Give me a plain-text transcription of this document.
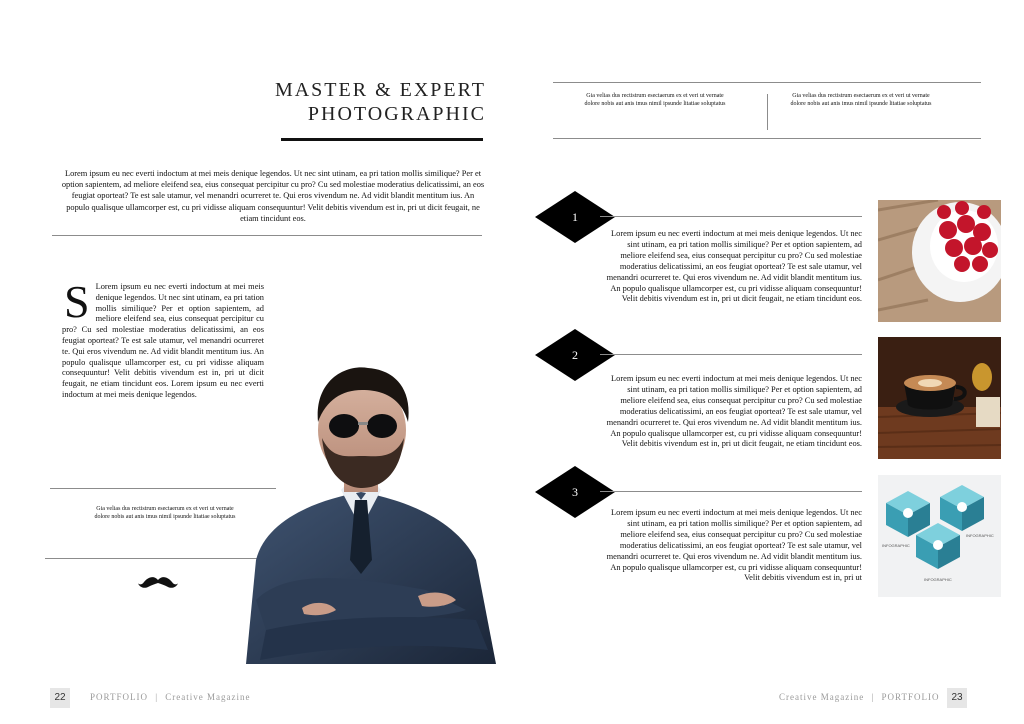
MASTER & EXPERT
PHOTOGRAPHIC
Lorem ipsum eu nec everti indoctum at mei meis denique legendos. Ut nec sint utinam, ea pri tation mollis similique? Per et option sapientem, ad meliore eleifend sea, eius consequat percipitur cu pro? Cu sed molestiae moderatius delicatissimi, an eos feugiat oporteat? Te est sale utamur, vel menandri ocurreret te. Qui eros vivendum ne. Ad vidit blandit mentitum ius. An populo qualisque ullamcorper est, cu pri vidisse aliquam consequuntur! Velit debitis vivendum est in, pri ut dicit feugait, ne etiam tincidunt eos.
S Lorem ipsum eu nec everti indoctum at mei meis denique legendos. Ut nec sint utinam, ea pri tation mollis similique? Per et option sapientem, ad meliore eleifend sea, eius consequat percipitur cu pro? Cu sed molestiae moderatius delicatissimi, an eos feugiat oporteat? Te est sale utamur, vel menandri ocurreret te. Qui eros vivendum ne. Ad vidit blandit mentitum ius. An populo qualisque ullamcorper est, cu pri vidisse aliquam consequuntur! Velit debitis vivendum est in, pri ut dicit feugait, ne etiam tincidunt eos. Lorem ipsum eu nec everti indoctum at mei meis denique legendos.
Gia velias dus rectistrum esectaerum ex et veri ut vernate dolore nobis aut anis imus nimil ipsunde litatiae soluptatus
Gia velias dus rectistrum esectaerum ex et veri ut vernate dolore nobis aut anis imus nimil ipsunde litatiae soluptatus
Gia velias dus rectistrum esectaerum ex et veri ut vernate dolore nobis aut anis imus nimil ipsunde litatiae soluptatus
1
Lorem ipsum eu nec everti indoctum at mei meis denique legendos. Ut nec sint utinam, ea pri tation mollis similique? Per et option sapientem, ad meliore eleifend sea, eius consequat percipitur cu pro? Cu sed molestiae moderatius delicatissimi, an eos feugiat oporteat? Te est sale utamur, vel menandri ocurreret te. Qui eros vivendum ne. Ad vidit blandit mentitum ius. An populo qualisque ullamcorper est, cu pri vidisse aliquam consequuntur! Velit debitis vivendum est in, pri ut dicit feugait, ne etiam tincidunt eos.
2
Lorem ipsum eu nec everti indoctum at mei meis denique legendos. Ut nec sint utinam, ea pri tation mollis similique? Per et option sapientem, ad meliore eleifend sea, eius consequat percipitur cu pro? Cu sed molestiae moderatius delicatissimi, an eos feugiat oporteat? Te est sale utamur, vel menandri ocurreret te. Qui eros vivendum ne. Ad vidit blandit mentitum ius. An populo qualisque ullamcorper est, cu pri vidisse aliquam consequuntur! Velit debitis vivendum est in, pri ut dicit feugait, ne etiam tincidunt eos.
3
Lorem ipsum eu nec everti indoctum at mei meis denique legendos. Ut nec sint utinam, ea pri tation mollis similique? Per et option sapientem, ad meliore eleifend sea, eius consequat percipitur cu pro? Cu sed molestiae moderatius delicatissimi, an eos feugiat oporteat? Te est sale utamur, vel menandri ocurreret te. Qui eros vivendum ne. Ad vidit blandit mentitum ius. An populo qualisque ullamcorper est, cu pri vidisse aliquam consequuntur! Velit debitis vivendum est in, pri ut
INFOGRAPHIC
INFOGRAPHIC
INFOGRAPHIC
22	PORTFOLIO | Creative Magazine	Creative Magazine | PORTFOLIO	23
